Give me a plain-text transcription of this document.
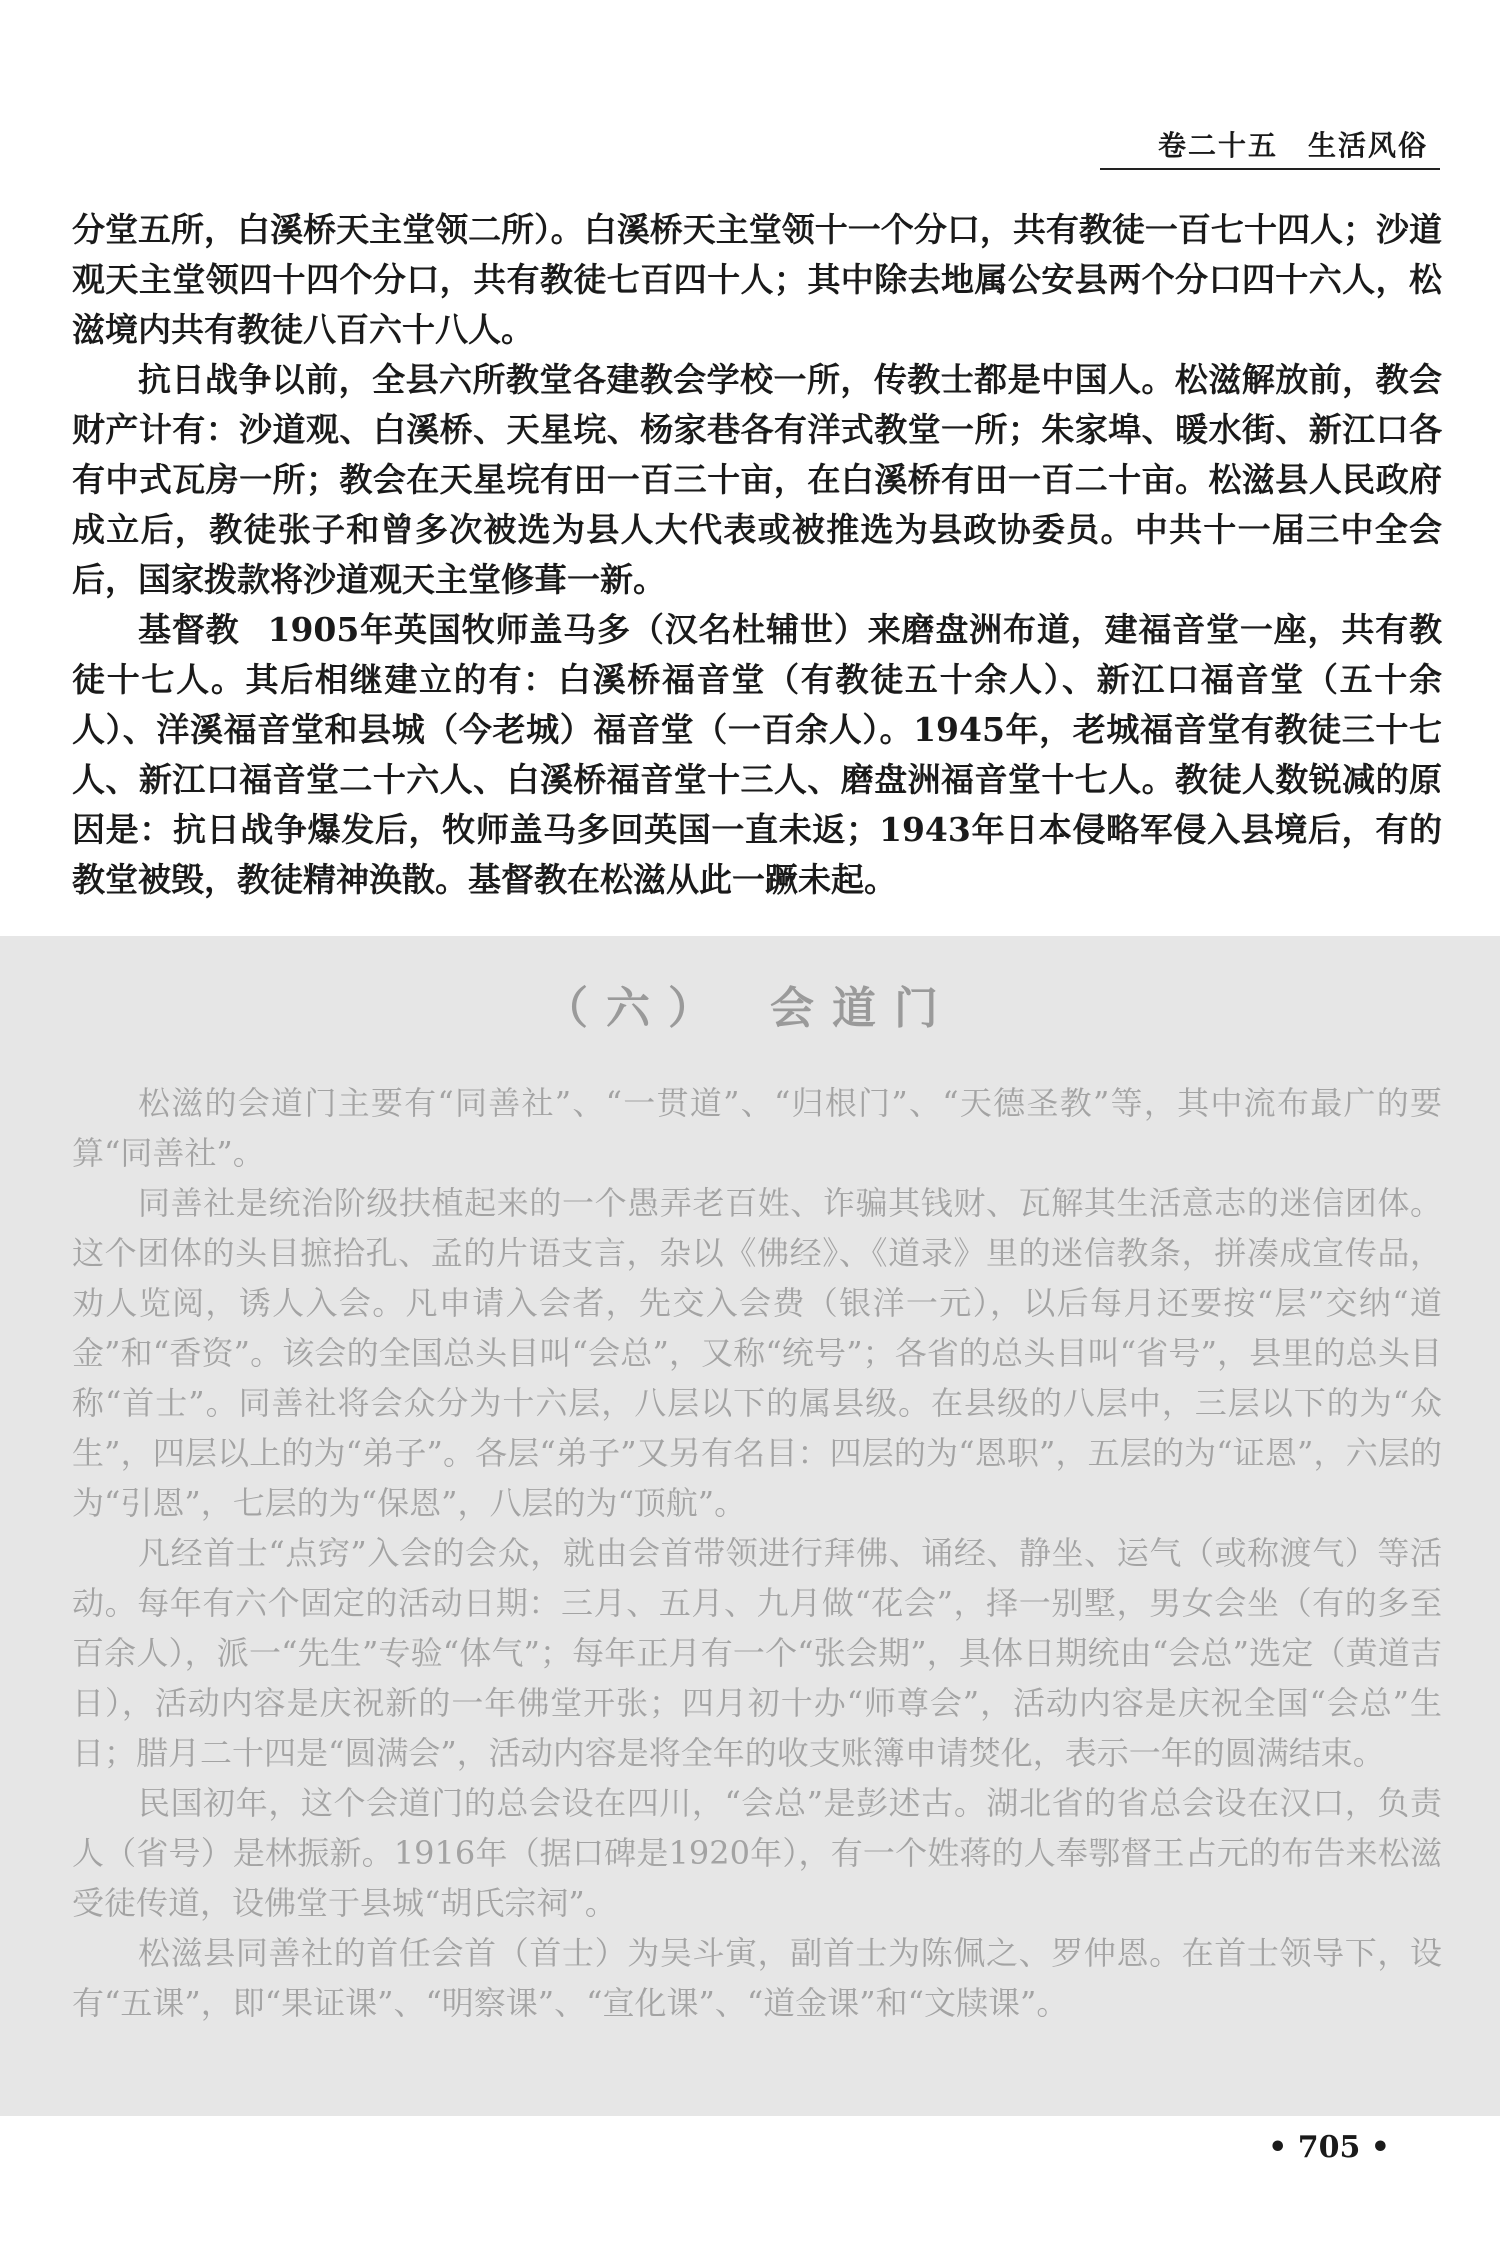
卷二十五　生活风俗

分堂五所，白溪桥天主堂领二所）。白溪桥天主堂领十一个分口，共有教徒一百七十四人；沙道观天主堂领四十四个分口，共有教徒七百四十人；其中除去地属公安县两个分口四十六人，松滋境内共有教徒八百六十八人。

抗日战争以前，全县六所教堂各建教会学校一所，传教士都是中国人。松滋解放前，教会财产计有：沙道观、白溪桥、天星垸、杨家巷各有洋式教堂一所；朱家埠、暖水街、新江口各有中式瓦房一所；教会在天星垸有田一百三十亩，在白溪桥有田一百二十亩。松滋县人民政府成立后，教徒张子和曾多次被选为县人大代表或被推选为县政协委员。中共十一届三中全会后，国家拨款将沙道观天主堂修葺一新。

基督教 1905年英国牧师盖马多（汉名杜辅世）来磨盘洲布道，建福音堂一座，共有教徒十七人。其后相继建立的有：白溪桥福音堂（有教徒五十余人）、新江口福音堂（五十余人）、洋溪福音堂和县城（今老城）福音堂（一百余人）。1945年，老城福音堂有教徒三十七人、新江口福音堂二十六人、白溪桥福音堂十三人、磨盘洲福音堂十七人。教徒人数锐减的原因是：抗日战争爆发后，牧师盖马多回英国一直未返；1943年日本侵略军侵入县境后，有的教堂被毁，教徒精神涣散。基督教在松滋从此一蹶未起。

（六）　会道门

松滋的会道门主要有“同善社”、“一贯道”、“归根门”、“天德圣教”等，其中流布最广的要算“同善社”。

同善社是统治阶级扶植起来的一个愚弄老百姓、诈骗其钱财、瓦解其生活意志的迷信团体。这个团体的头目摭拾孔、孟的片语支言，杂以《佛经》、《道录》里的迷信教条，拼凑成宣传品，劝人览阅，诱人入会。凡申请入会者，先交入会费（银洋一元），以后每月还要按“层”交纳“道金”和“香资”。该会的全国总头目叫“会总”，又称“统号”；各省的总头目叫“省号”，县里的总头目称“首士”。同善社将会众分为十六层，八层以下的属县级。在县级的八层中，三层以下的为“众生”，四层以上的为“弟子”。各层“弟子”又另有名目：四层的为“恩职”，五层的为“证恩”，六层的为“引恩”，七层的为“保恩”，八层的为“顶航”。

凡经首士“点窍”入会的会众，就由会首带领进行拜佛、诵经、静坐、运气（或称渡气）等活动。每年有六个固定的活动日期：三月、五月、九月做“花会”，择一别墅，男女会坐（有的多至百余人），派一“先生”专验“体气”；每年正月有一个“张会期”，具体日期统由“会总”选定（黄道吉日），活动内容是庆祝新的一年佛堂开张；四月初十办“师尊会”，活动内容是庆祝全国“会总”生日；腊月二十四是“圆满会”，活动内容是将全年的收支账簿申请焚化，表示一年的圆满结束。

民国初年，这个会道门的总会设在四川，“会总”是彭述古。湖北省的省总会设在汉口，负责人（省号）是林振新。1916年（据口碑是1920年），有一个姓蒋的人奉鄂督王占元的布告来松滋受徒传道，设佛堂于县城“胡氏宗祠”。

松滋县同善社的首任会首（首士）为吴斗寅，副首士为陈佩之、罗仲恩。在首士领导下，设有“五课”，即“果证课”、“明察课”、“宣化课”、“道金课”和“文牍课”。

• 705 •
